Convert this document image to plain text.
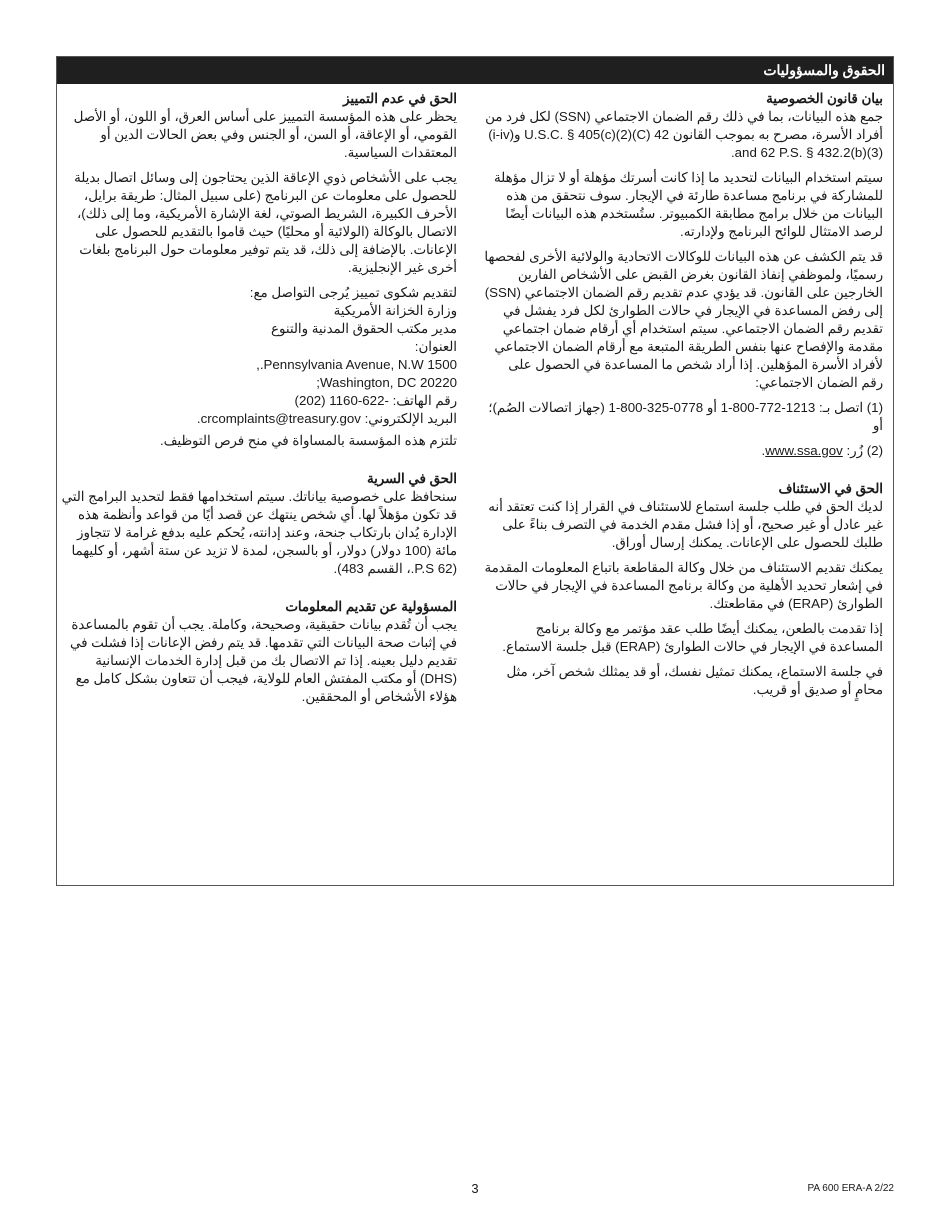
الحقوق والمسؤوليات
بيان قانون الخصوصية

جمع هذه البيانات، بما في ذلك رقم الضمان الاجتماعي (SSN) لكل فرد من أفراد الأسرة، مصرح به بموجب القانون 42 U.S.C. § 405(c)(2)(C) و(i-iv) and 62 P.S. § 432.2(b)(3).

سيتم استخدام البيانات لتحديد ما إذا كانت أسرتك مؤهلة أو لا تزال مؤهلة للمشاركة في برنامج مساعدة طارئة في الإيجار. سوف نتحقق من هذه البيانات من خلال برامج مطابقة الكمبيوتر. ستُستخدم هذه البيانات أيضًا لرصد الامتثال للوائح البرنامج ولإدارته.

قد يتم الكشف عن هذه البيانات للوكالات الاتحادية والولائية الأخرى لفحصها رسميًا، ولموظفي إنفاذ القانون بغرض القبض على الأشخاص الفارين الخارجين على القانون. قد يؤدي عدم تقديم رقم الضمان الاجتماعي (SSN) إلى رفض المساعدة في الإيجار في حالات الطوارئ لكل فرد يفشل في تقديم رقم الضمان الاجتماعي. سيتم استخدام أي أرقام ضمان اجتماعي مقدمة والإفصاح عنها بنفس الطريقة المتبعة مع أرقام الضمان الاجتماعي لأفراد الأسرة المؤهلين. إذا أراد شخص ما المساعدة في الحصول على رقم الضمان الاجتماعي:

(1) اتصل بـ: 1213-772-800-1 أو 0778-325-800-1 (جهاز اتصالات الصُم)؛ أو

(2) زُر: www.ssa.gov.

الحق في الاستئناف

لديك الحق في طلب جلسة استماع للاستئناف في القرار إذا كنت تعتقد أنه غير عادل أو غير صحيح، أو إذا فشل مقدم الخدمة في التصرف بناءً على طلبك للحصول على الإعانات. يمكنك إرسال أوراق.

يمكنك تقديم الاستئناف من خلال وكالة المقاطعة باتباع المعلومات المقدمة في إشعار تحديد الأهلية من وكالة برنامج المساعدة في الإيجار في حالات الطوارئ (ERAP) في مقاطعتك.

إذا تقدمت بالطعن، يمكنك أيضًا طلب عقد مؤتمر مع وكالة برنامج المساعدة في الإيجار في حالات الطوارئ (ERAP) قبل جلسة الاستماع.

في جلسة الاستماع، يمكنك تمثيل نفسك، أو قد يمثلك شخص آخر، مثل محامٍ أو صديق أو قريب.

الحق في عدم التمييز

يحظر على هذه المؤسسة التمييز على أساس العرق، أو اللون، أو الأصل القومي، أو الإعاقة، أو السن، أو الجنس وفي بعض الحالات الدين أو المعتقدات السياسية.

يجب على الأشخاص ذوي الإعاقة الذين يحتاجون إلى وسائل اتصال بديلة للحصول على معلومات عن البرنامج (على سبيل المثال: طريقة برايل، الأحرف الكبيرة، الشريط الصوتي، لغة الإشارة الأمريكية، وما إلى ذلك)، الاتصال بالوكالة (الولائية أو محليًا) حيث قاموا بالتقديم للحصول على الإعانات. بالإضافة إلى ذلك، قد يتم توفير معلومات حول البرنامج بلغات أخرى غير الإنجليزية.

لتقديم شكوى تمييز يُرجى التواصل مع:
وزارة الخزانة الأمريكية
مدير مكتب الحقوق المدنية والتنوع
العنوان:
1500 Pennsylvania Avenue, N.W.,
Washington, DC 20220;
رقم الهاتف: -622-1160 (202)
البريد الإلكتروني: crcomplaints@treasury.gov.

تلتزم هذه المؤسسة بالمساواة في منح فرص التوظيف.

الحق في السرية

سنحافظ على خصوصية بياناتك. سيتم استخدامها فقط لتحديد البرامج التي قد تكون مؤهلاً لها. أي شخص ينتهك عن قصد أيًا من قواعد وأنظمة هذه الإدارة يُدان بارتكاب جنحة، وعند إدانته، يُحكم عليه بدفع غرامة لا تتجاوز مائة (100 دولار) دولار، أو بالسجن، لمدة لا تزيد عن ستة أشهر، أو كليهما (62 P.S.، القسم 483).

المسؤولية عن تقديم المعلومات

يجب أن تُقدم بيانات حقيقية، وصحيحة، وكاملة. يجب أن تقوم بالمساعدة في إثبات صحة البيانات التي تقدمها. قد يتم رفض الإعانات إذا فشلت في تقديم دليل بعينه. إذا تم الاتصال بك من قبل إدارة الخدمات الإنسانية (DHS) أو مكتب المفتش العام للولاية، فيجب أن تتعاون بشكل كامل مع هؤلاء الأشخاص أو المحققين.

3	PA 600 ERA-A 2/22
